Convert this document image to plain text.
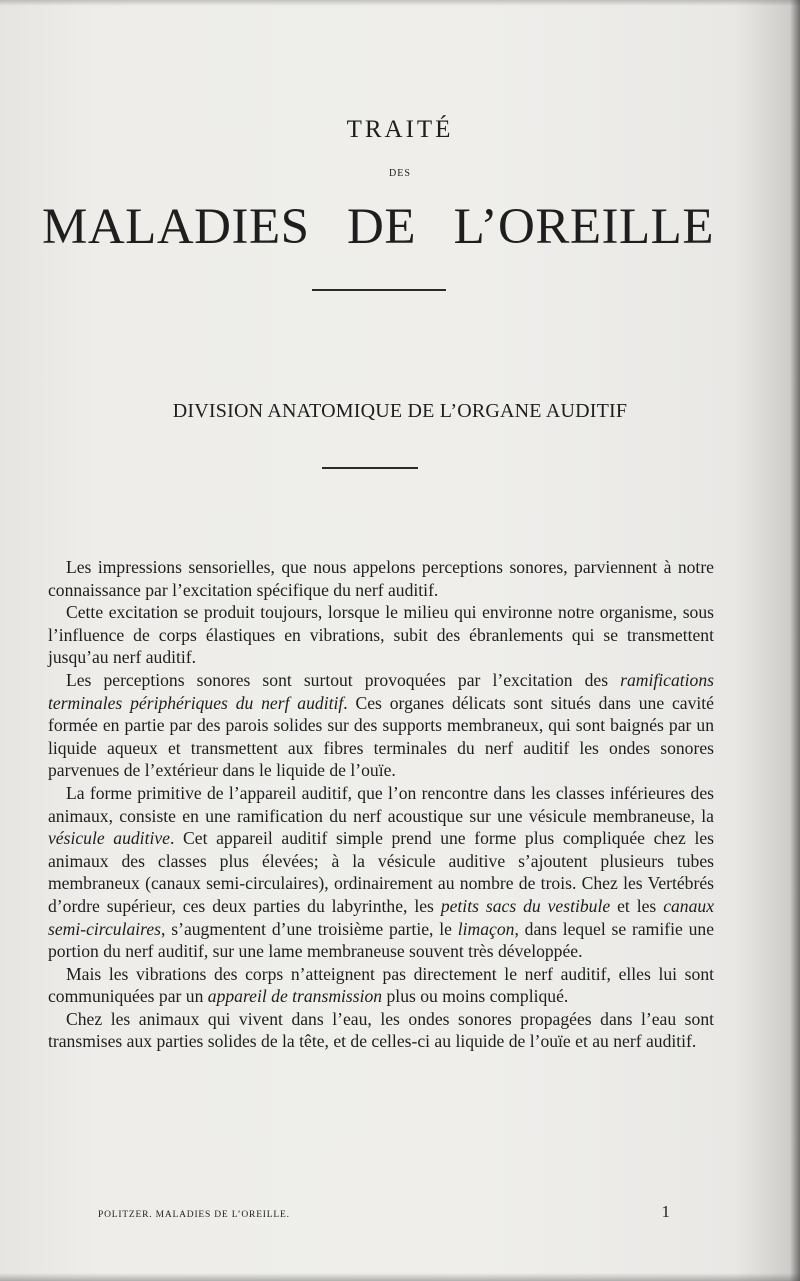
TRAITÉ
DES
MALADIES DE L’OREILLE
DIVISION ANATOMIQUE DE L’ORGANE AUDITIF

Les impressions sensorielles, que nous appelons perceptions sonores, parviennent à notre connaissance par l’excitation spécifique du nerf auditif.

Cette excitation se produit toujours, lorsque le milieu qui environne notre organisme, sous l’influence de corps élastiques en vibrations, subit des ébranlements qui se transmettent jusqu’au nerf auditif.

Les perceptions sonores sont surtout provoquées par l’excitation des ramifications terminales périphériques du nerf auditif. Ces organes délicats sont situés dans une cavité formée en partie par des parois solides sur des supports membraneux, qui sont baignés par un liquide aqueux et transmettent aux fibres terminales du nerf auditif les ondes sonores parvenues de l’extérieur dans le liquide de l’ouïe.

La forme primitive de l’appareil auditif, que l’on rencontre dans les classes inférieures des animaux, consiste en une ramification du nerf acoustique sur une vésicule membraneuse, la vésicule auditive. Cet appareil auditif simple prend une forme plus compliquée chez les animaux des classes plus élevées; à la vésicule auditive s’ajoutent plusieurs tubes membraneux (canaux semi-circulaires), ordinairement au nombre de trois. Chez les Vertébrés d’ordre supérieur, ces deux parties du labyrinthe, les petits sacs du vestibule et les canaux semi-circulaires, s’augmentent d’une troisième partie, le limaçon, dans lequel se ramifie une portion du nerf auditif, sur une lame membraneuse souvent très développée.

Mais les vibrations des corps n’atteignent pas directement le nerf auditif, elles lui sont communiquées par un appareil de transmission plus ou moins compliqué.

Chez les animaux qui vivent dans l’eau, les ondes sonores propagées dans l’eau sont transmises aux parties solides de la tête, et de celles-ci au liquide de l’ouïe et au nerf auditif.

POLITZER. MALADIES DE L’OREILLE.	1
